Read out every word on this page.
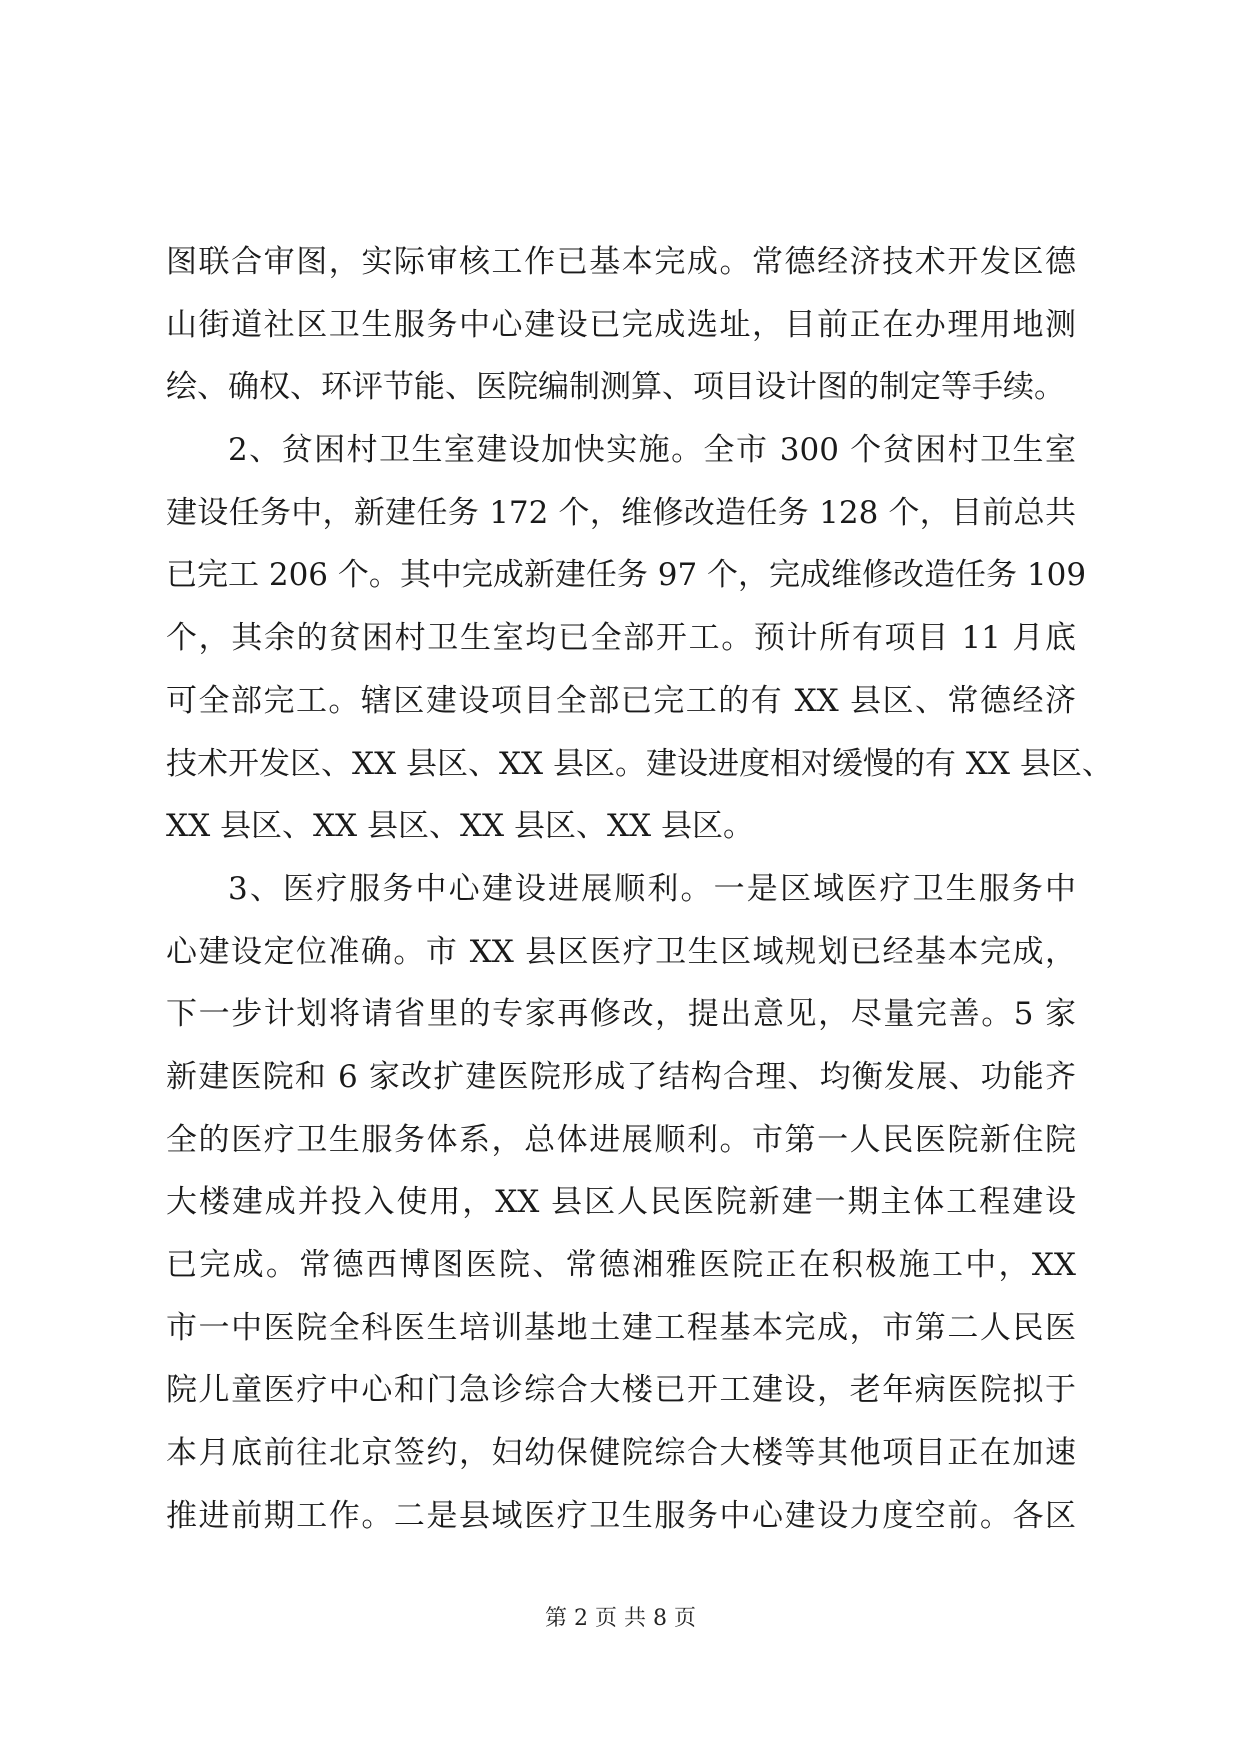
图联合审图，实际审核工作已基本完成。常德经济技术开发区德
山街道社区卫生服务中心建设已完成选址，目前正在办理用地测
绘、确权、环评节能、医院编制测算、项目设计图的制定等手续。
2、贫困村卫生室建设加快实施。全市 300 个贫困村卫生室
建设任务中，新建任务 172 个，维修改造任务 128 个，目前总共
已完工 206 个。其中完成新建任务 97 个，完成维修改造任务 109
个，其余的贫困村卫生室均已全部开工。预计所有项目 11 月底
可全部完工。辖区建设项目全部已完工的有 XX 县区、常德经济
技术开发区、XX 县区、XX 县区。建设进度相对缓慢的有 XX 县区、
XX 县区、XX 县区、XX 县区、XX 县区。
3、医疗服务中心建设进展顺利。一是区域医疗卫生服务中
心建设定位准确。市 XX 县区医疗卫生区域规划已经基本完成，
下一步计划将请省里的专家再修改，提出意见，尽量完善。5 家
新建医院和 6 家改扩建医院形成了结构合理、均衡发展、功能齐
全的医疗卫生服务体系，总体进展顺利。市第一人民医院新住院
大楼建成并投入使用，XX 县区人民医院新建一期主体工程建设
已完成。常德西博图医院、常德湘雅医院正在积极施工中，XX
市一中医院全科医生培训基地土建工程基本完成，市第二人民医
院儿童医疗中心和门急诊综合大楼已开工建设，老年病医院拟于
本月底前往北京签约，妇幼保健院综合大楼等其他项目正在加速
推进前期工作。二是县域医疗卫生服务中心建设力度空前。各区
第 2 页 共 8 页
